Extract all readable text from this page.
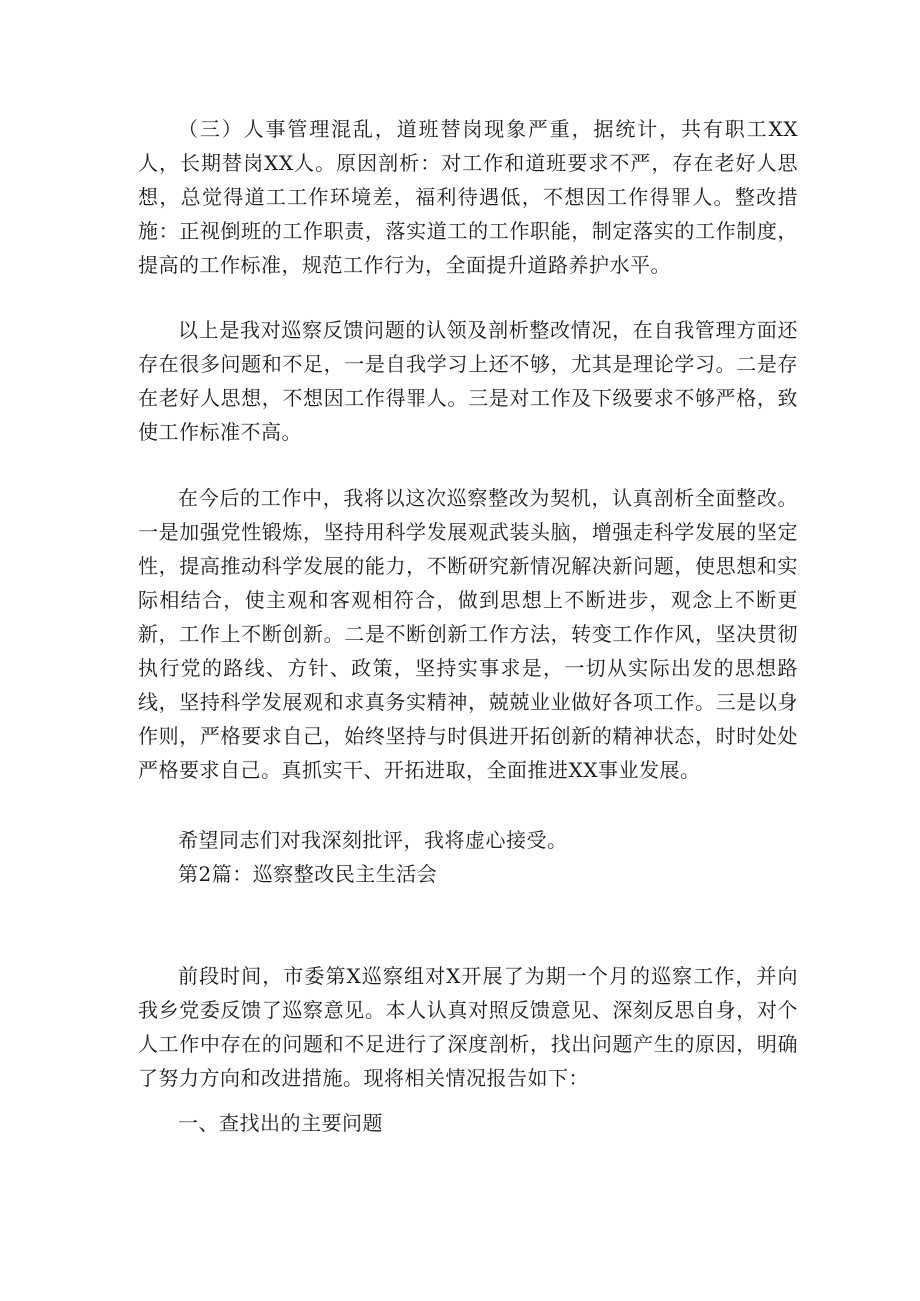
（三）人事管理混乱，道班替岗现象严重，据统计，共有职工XX人，长期替岗XX人。原因剖析：对工作和道班要求不严，存在老好人思想，总觉得道工工作环境差，福利待遇低，不想因工作得罪人。整改措施：正视倒班的工作职责，落实道工的工作职能，制定落实的工作制度，提高的工作标准，规范工作行为，全面提升道路养护水平。

以上是我对巡察反馈问题的认领及剖析整改情况，在自我管理方面还存在很多问题和不足，一是自我学习上还不够，尤其是理论学习。二是存在老好人思想，不想因工作得罪人。三是对工作及下级要求不够严格，致使工作标准不高。

在今后的工作中，我将以这次巡察整改为契机，认真剖析全面整改。一是加强党性锻炼，坚持用科学发展观武装头脑，增强走科学发展的坚定性，提高推动科学发展的能力，不断研究新情况解决新问题，使思想和实际相结合，使主观和客观相符合，做到思想上不断进步，观念上不断更新，工作上不断创新。二是不断创新工作方法，转变工作作风，坚决贯彻执行党的路线、方针、政策，坚持实事求是，一切从实际出发的思想路线，坚持科学发展观和求真务实精神，兢兢业业做好各项工作。三是以身作则，严格要求自己，始终坚持与时俱进开拓创新的精神状态，时时处处严格要求自己。真抓实干、开拓进取，全面推进XX事业发展。

希望同志们对我深刻批评，我将虚心接受。

第2篇：巡察整改民主生活会

前段时间，市委第X巡察组对X开展了为期一个月的巡察工作，并向我乡党委反馈了巡察意见。本人认真对照反馈意见、深刻反思自身，对个人工作中存在的问题和不足进行了深度剖析，找出问题产生的原因，明确了努力方向和改进措施。现将相关情况报告如下：

一、查找出的主要问题
